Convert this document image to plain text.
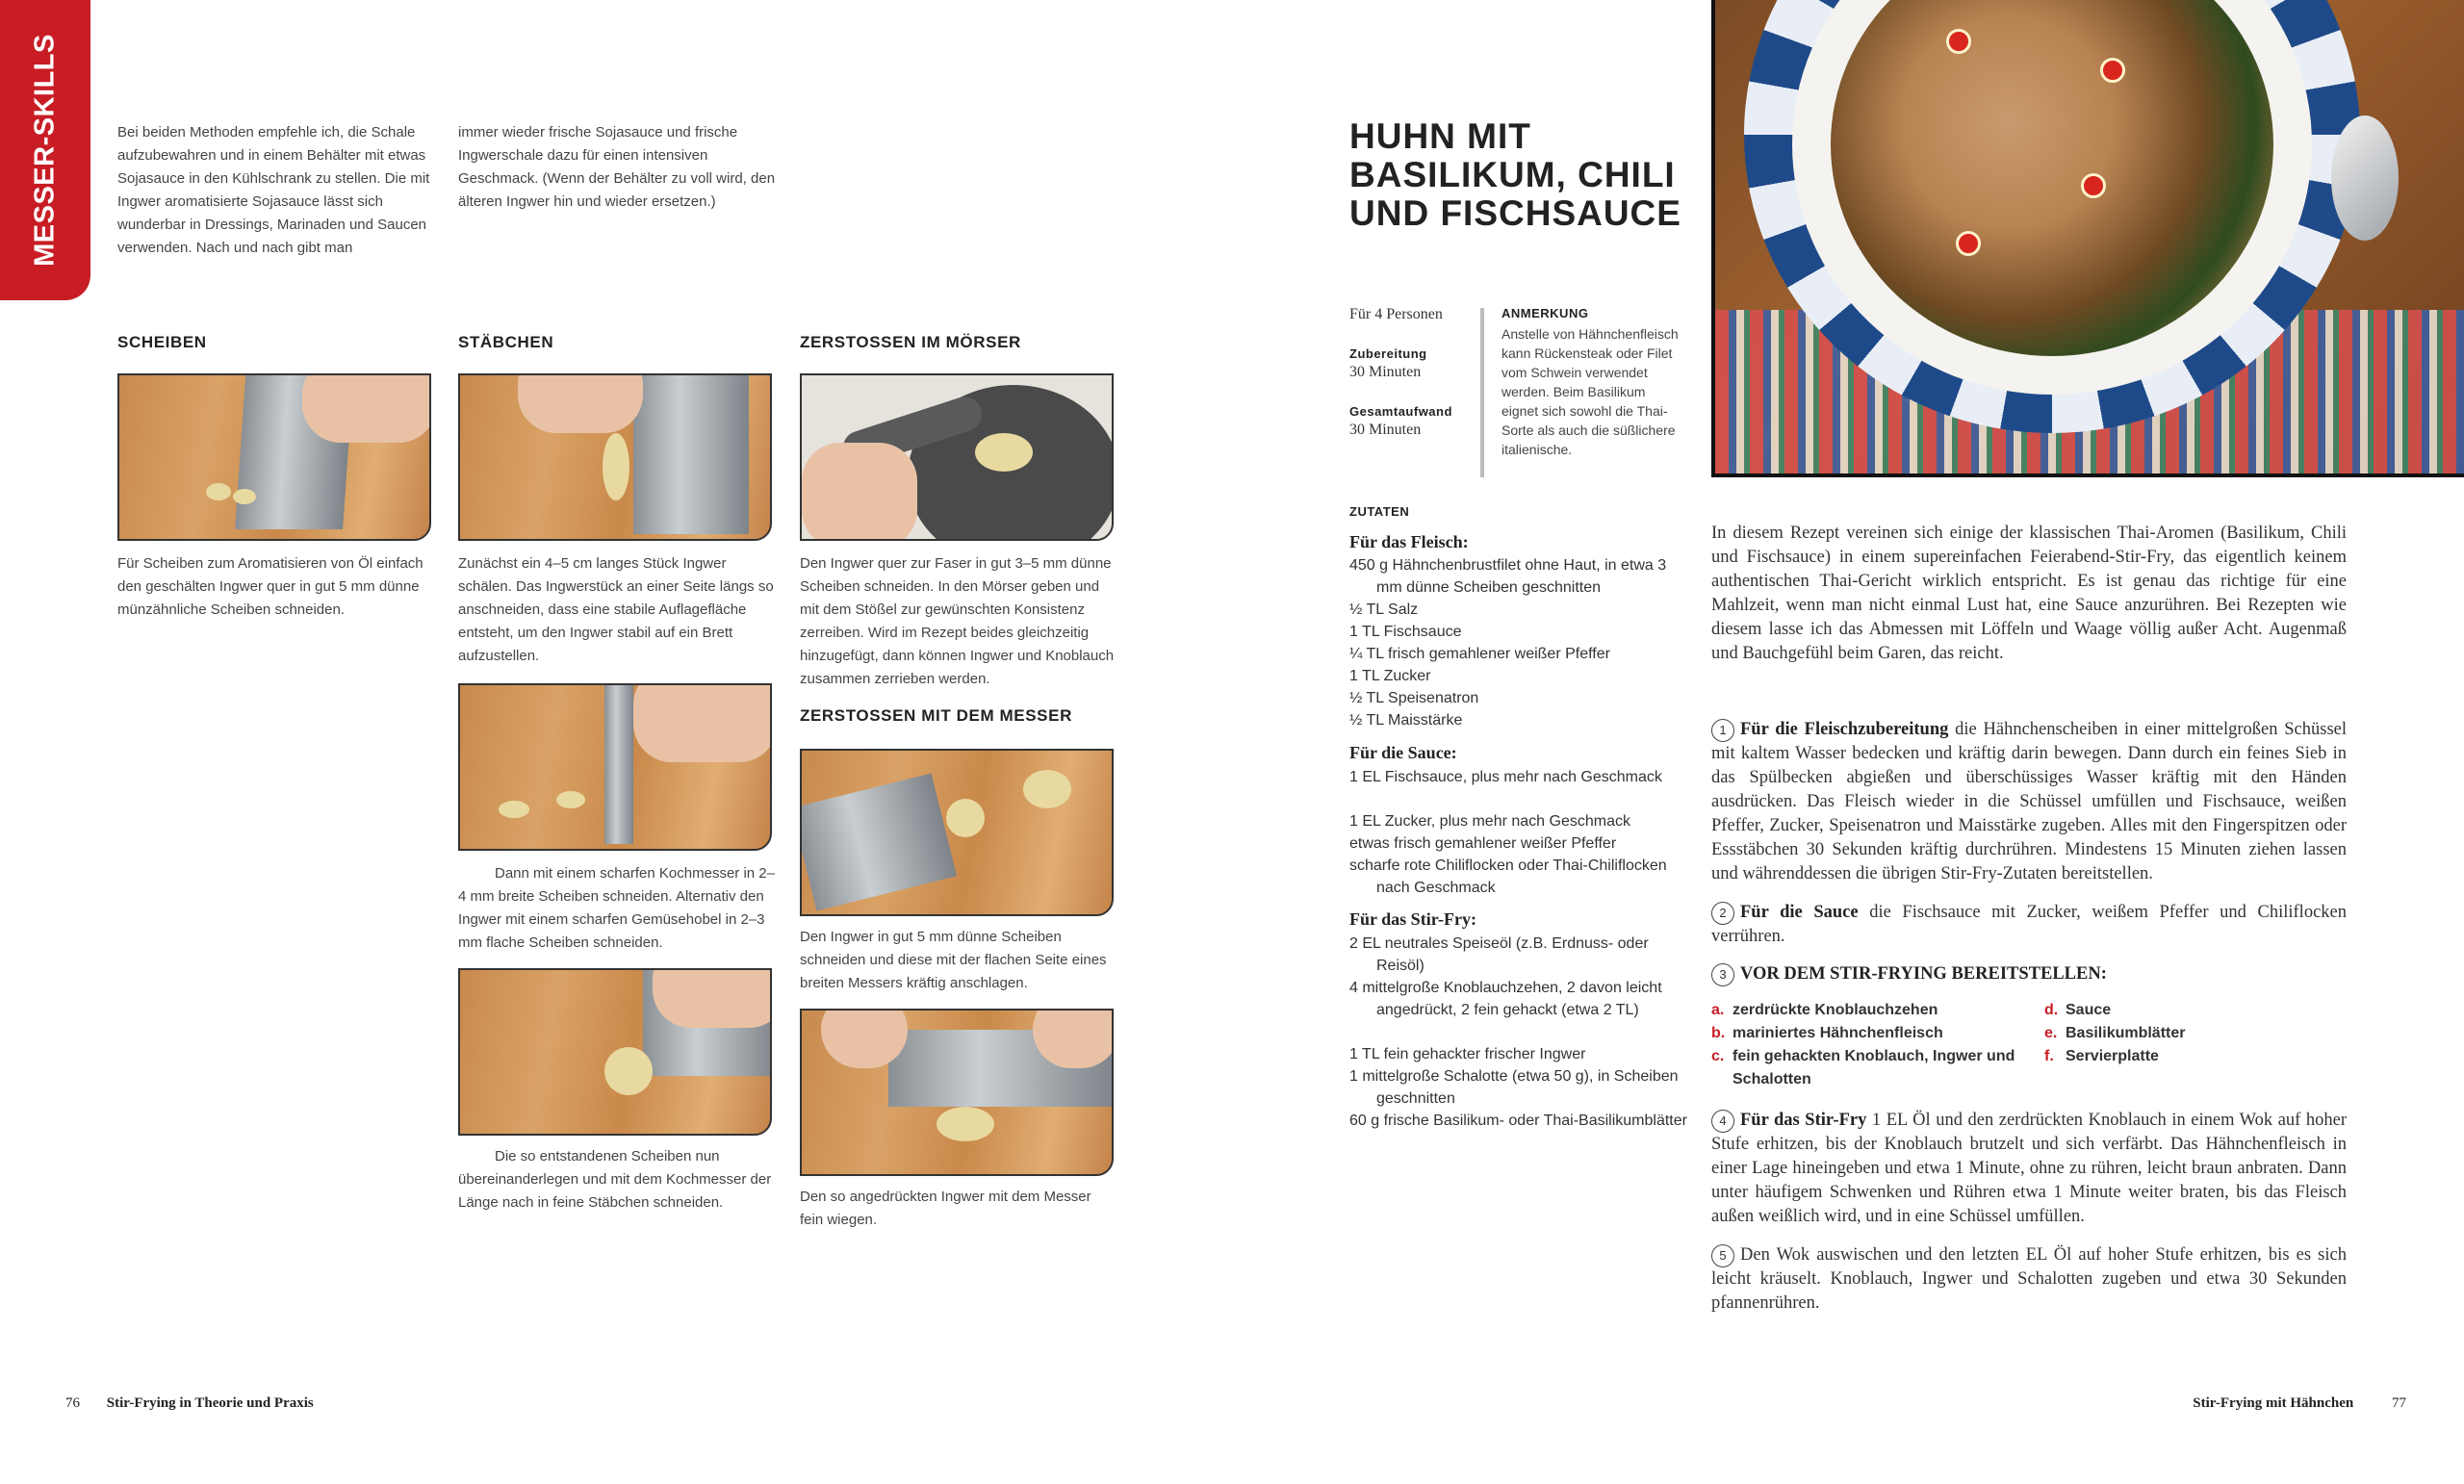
MESSER-SKILLS	Bei beiden Methoden empfehle ich, die Schale aufzubewahren und in einem Behälter mit etwas Sojasauce in den Kühlschrank zu stellen. Die mit Ingwer aromatisierte Sojasauce lässt sich wunderbar in Dressings, Marinaden und Saucen verwenden. Nach und nach gibt man
immer wieder frische Sojasauce und frische Ingwerschale dazu für einen intensiven Geschmack. (Wenn der Behälter zu voll wird, den älteren Ingwer hin und wieder ersetzen.)
SCHEIBEN
Für Scheiben zum Aromatisieren von Öl einfach den geschälten Ingwer quer in gut 5 mm dünne münzähnliche Scheiben schneiden.
STÄBCHEN
Zunächst ein 4–5 cm langes Stück Ingwer schälen. Das Ingwerstück an einer Seite längs so anschneiden, dass eine stabile Auflagefläche entsteht, um den Ingwer stabil auf ein Brett aufzustellen.
Dann mit einem scharfen Kochmesser in 2–4 mm breite Scheiben schneiden. Alternativ den Ingwer mit einem scharfen Gemüsehobel in 2–3 mm flache Scheiben schneiden.
Die so entstandenen Scheiben nun übereinanderlegen und mit dem Kochmesser der Länge nach in feine Stäbchen schneiden.
ZERSTOSSEN IM MÖRSER
Den Ingwer quer zur Faser in gut 3–5 mm dünne Scheiben schneiden. In den Mörser geben und mit dem Stößel zur gewünschten Konsistenz zerreiben. Wird im Rezept beides gleichzeitig hinzugefügt, dann können Ingwer und Knoblauch zusammen zerrieben werden.
ZERSTOSSEN MIT DEM MESSER
Den Ingwer in gut 5 mm dünne Scheiben schneiden und diese mit der flachen Seite eines breiten Messers kräftig anschlagen.
Den so angedrückten Ingwer mit dem Messer fein wiegen.
76 Stir-Frying in Theorie und Praxis
HUHN MIT BASILIKUM, CHILI UND FISCHSAUCE
Für 4 Personen
Zubereitung
30 Minuten
Gesamtaufwand
30 Minuten
ANMERKUNG
Anstelle von Hähnchenfleisch kann Rückensteak oder Filet vom Schwein verwendet werden. Beim Basilikum eignet sich sowohl die Thai-Sorte als auch die süßlichere italienische.
ZUTATEN
Für das Fleisch:
450 g Hähnchenbrustfilet ohne Haut, in etwa 3 mm dünne Scheiben geschnitten
½ TL Salz
1 TL Fischsauce
¼ TL frisch gemahlener weißer Pfeffer
1 TL Zucker
½ TL Speisenatron
½ TL Maisstärke
Für die Sauce:
1 EL Fischsauce, plus mehr nach Geschmack
1 EL Zucker, plus mehr nach Geschmack
etwas frisch gemahlener weißer Pfeffer
scharfe rote Chiliflocken oder Thai-Chiliflocken nach Geschmack
Für das Stir-Fry:
2 EL neutrales Speiseöl (z.B. Erdnuss- oder Reisöl)
4 mittelgroße Knoblauchzehen, 2 davon leicht angedrückt, 2 fein gehackt (etwa 2 TL)
1 TL fein gehackter frischer Ingwer
1 mittelgroße Schalotte (etwa 50 g), in Scheiben geschnitten
60 g frische Basilikum- oder Thai-Basilikumblätter
In diesem Rezept vereinen sich einige der klassischen Thai-Aromen (Basilikum, Chili und Fischsauce) in einem supereinfachen Feierabend-Stir-Fry, das eigentlich keinem authentischen Thai-Gericht wirklich entspricht. Es ist genau das richtige für eine Mahlzeit, wenn man nicht einmal Lust hat, eine Sauce anzurühren. Bei Rezepten wie diesem lasse ich das Abmessen mit Löffeln und Waage völlig außer Acht. Augenmaß und Bauchgefühl beim Garen, das reicht.
1 Für die Fleischzubereitung die Hähnchenscheiben in einer mittelgroßen Schüssel mit kaltem Wasser bedecken und kräftig darin bewegen. Dann durch ein feines Sieb in das Spülbecken abgießen und überschüssiges Wasser kräftig mit den Händen ausdrücken. Das Fleisch wieder in die Schüssel umfüllen und Fischsauce, weißen Pfeffer, Zucker, Speisenatron und Maisstärke zugeben. Alles mit den Fingerspitzen oder Essstäbchen 30 Sekunden kräftig durchrühren. Mindestens 15 Minuten ziehen lassen und währenddessen die übrigen Stir-Fry-Zutaten bereitstellen.
2 Für die Sauce die Fischsauce mit Zucker, weißem Pfeffer und Chiliflocken verrühren.
3 VOR DEM STIR-FRYING BEREITSTELLEN:
a. zerdrückte Knoblauchzehen
b. mariniertes Hähnchenfleisch
c. fein gehackten Knoblauch, Ingwer und Schalotten
d. Sauce
e. Basilikumblätter
f. Servierplatte
4 Für das Stir-Fry 1 EL Öl und den zerdrückten Knoblauch in einem Wok auf hoher Stufe erhitzen, bis der Knoblauch brutzelt und sich verfärbt. Das Hähnchenfleisch in einer Lage hineingeben und etwa 1 Minute, ohne zu rühren, leicht braun anbraten. Dann unter häufigem Schwenken und Rühren etwa 1 Minute weiter braten, bis das Fleisch außen weißlich wird, und in eine Schüssel umfüllen.
5 Den Wok auswischen und den letzten EL Öl auf hoher Stufe erhitzen, bis es sich leicht kräuselt. Knoblauch, Ingwer und Schalotten zugeben und etwa 30 Sekunden pfannenrühren.
Stir-Frying mit Hähnchen	77
